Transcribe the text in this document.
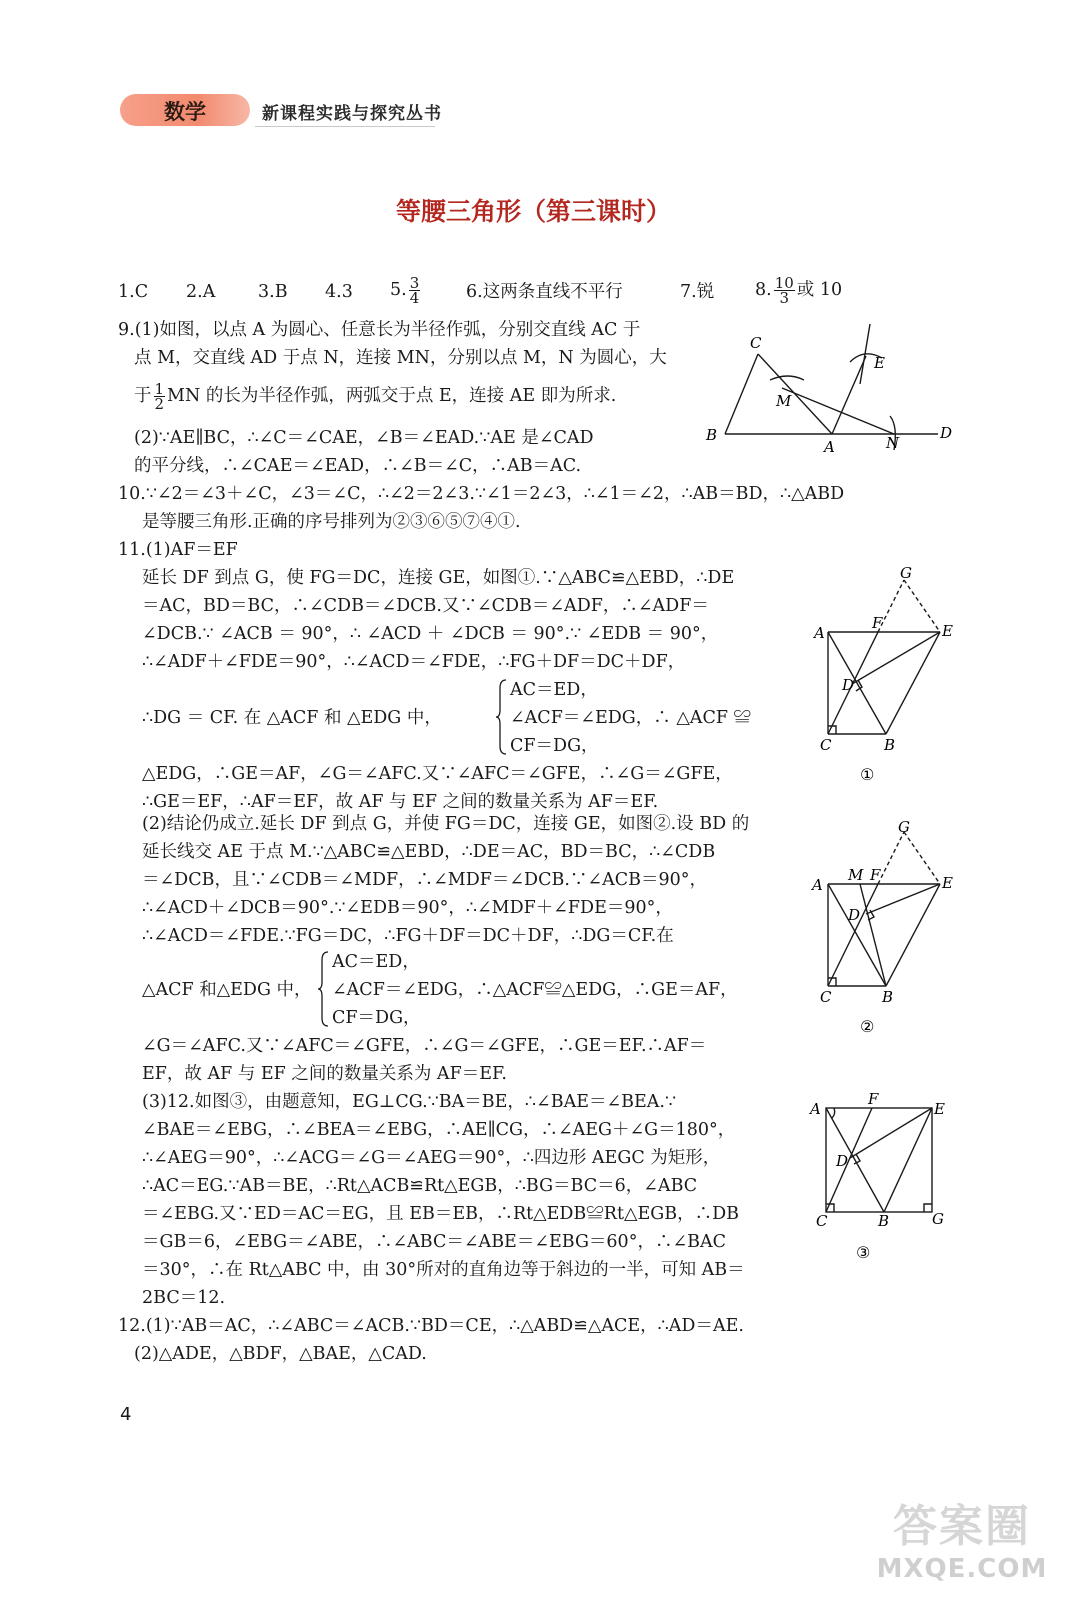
数学	新课程实践与探究丛书
等腰三角形（第三课时）
1.C 2.A 3.B 4.3 5. $\frac{3}{4}$	6.这两条直线不平行	7.锐 8. $\frac{10}{3}$ 或 10
9.(1)如图，以点 A 为圆心、任意长为半径作弧，分别交直线 AC 于
点 M，交直线 AD 于点 N，连接 MN，分别以点 M，N 为圆心，大
于 $\frac{1}{2}$ MN 的长为半径作弧，两弧交于点 E，连接 AE 即为所求.
(2)∵AE∥BC，∴∠C＝∠CAE，∠B＝∠EAD.∵AE 是∠CAD
的平分线，∴∠CAE＝∠EAD，∴∠B＝∠C，∴AB＝AC.
C
M
E
B
A	N
D
10.∵∠2＝∠3＋∠C，∠3＝∠C，∴∠2＝2∠3.∵∠1＝2∠3，∴∠1＝∠2，∴AB＝BD，∴△ABD
是等腰三角形.正确的序号排列为②③⑥⑤⑦④①.
11.(1)AF＝EF
延长 DF 到点 G，使 FG＝DC，连接 GE，如图①.∵△ABC≌△EBD，∴DE
＝AC，BD＝BC，∴∠CDB＝∠DCB.又∵∠CDB＝∠ADF，∴∠ADF＝
∠DCB.∵ ∠ACB ＝ 90°，∴ ∠ACD ＋ ∠DCB ＝ 90°.∵ ∠EDB ＝ 90°，
∴∠ADF＋∠FDE＝90°，∴∠ACD＝∠FDE，∴FG＋DF＝DC＋DF，
∴DG ＝ CF. 在 △ACF 和 △EDG 中，
AC＝ED，
∠ACF＝∠EDG，∴ △ACF ≌
CF＝DG，
△EDG，∴GE＝AF，∠G＝∠AFC.又∵∠AFC＝∠GFE，∴∠G＝∠GFE，
∴GE＝EF，∴AF＝EF，故 AF 与 EF 之间的数量关系为 AF＝EF.
(2)结论仍成立.延长 DF 到点 G，并使 FG＝DC，连接 GE，如图②.设 BD 的
延长线交 AE 于点 M.∵△ABC≌△EBD，∴DE＝AC，BD＝BC，∴∠CDB
＝∠DCB，且∵∠CDB＝∠MDF，∴∠MDF＝∠DCB.∵∠ACB＝90°，
∴∠ACD＋∠DCB＝90°.∵∠EDB＝90°，∴∠MDF＋∠FDE＝90°，
∴∠ACD＝∠FDE.∵FG＝DC，∴FG＋DF＝DC＋DF，∴DG＝CF.在
△ACF 和△EDG 中，
AC＝ED，
∠ACF＝∠EDG，∴△ACF≌△EDG，∴GE＝AF，
CF＝DG，
∠G＝∠AFC.又∵∠AFC＝∠GFE，∴∠G＝∠GFE，∴GE＝EF.∴AF＝
EF，故 AF 与 EF 之间的数量关系为 AF＝EF.
(3)12.如图③，由题意知，EG⊥CG.∵BA＝BE，∴∠BAE＝∠BEA.∵
∠BAE＝∠EBG，∴∠BEA＝∠EBG，∴AE∥CG，∴∠AEG＋∠G＝180°，
∴∠AEG＝90°，∴∠ACG＝∠G＝∠AEG＝90°，∴四边形 AEGC 为矩形，
∴AC＝EG.∵AB＝BE，∴Rt△ACB≌Rt△EGB，∴BG＝BC＝6，∠ABC
＝∠EBG.又∵ED＝AC＝EG，且 EB＝EB，∴Rt△EDB≌Rt△EGB，∴DB
＝GB＝6，∠EBG＝∠ABE，∴∠ABC＝∠ABE＝∠EBG＝60°，∴∠BAC
＝30°，∴在 Rt△ABC 中，由 30°所对的直角边等于斜边的一半，可知 AB＝
2BC＝12.
12.(1)∵AB＝AC，∴∠ABC＝∠ACB.∵BD＝CE，∴△ABD≌△ACE，∴AD＝AE.
(2)△ADE，△BDF，△BAE，△CAD.
G
A
F	E
D
C	B
①
G
M F
A	E
D
C	B
②
A
F
E
D
C	B	G
③
4
答案圈
MXQE.COM
